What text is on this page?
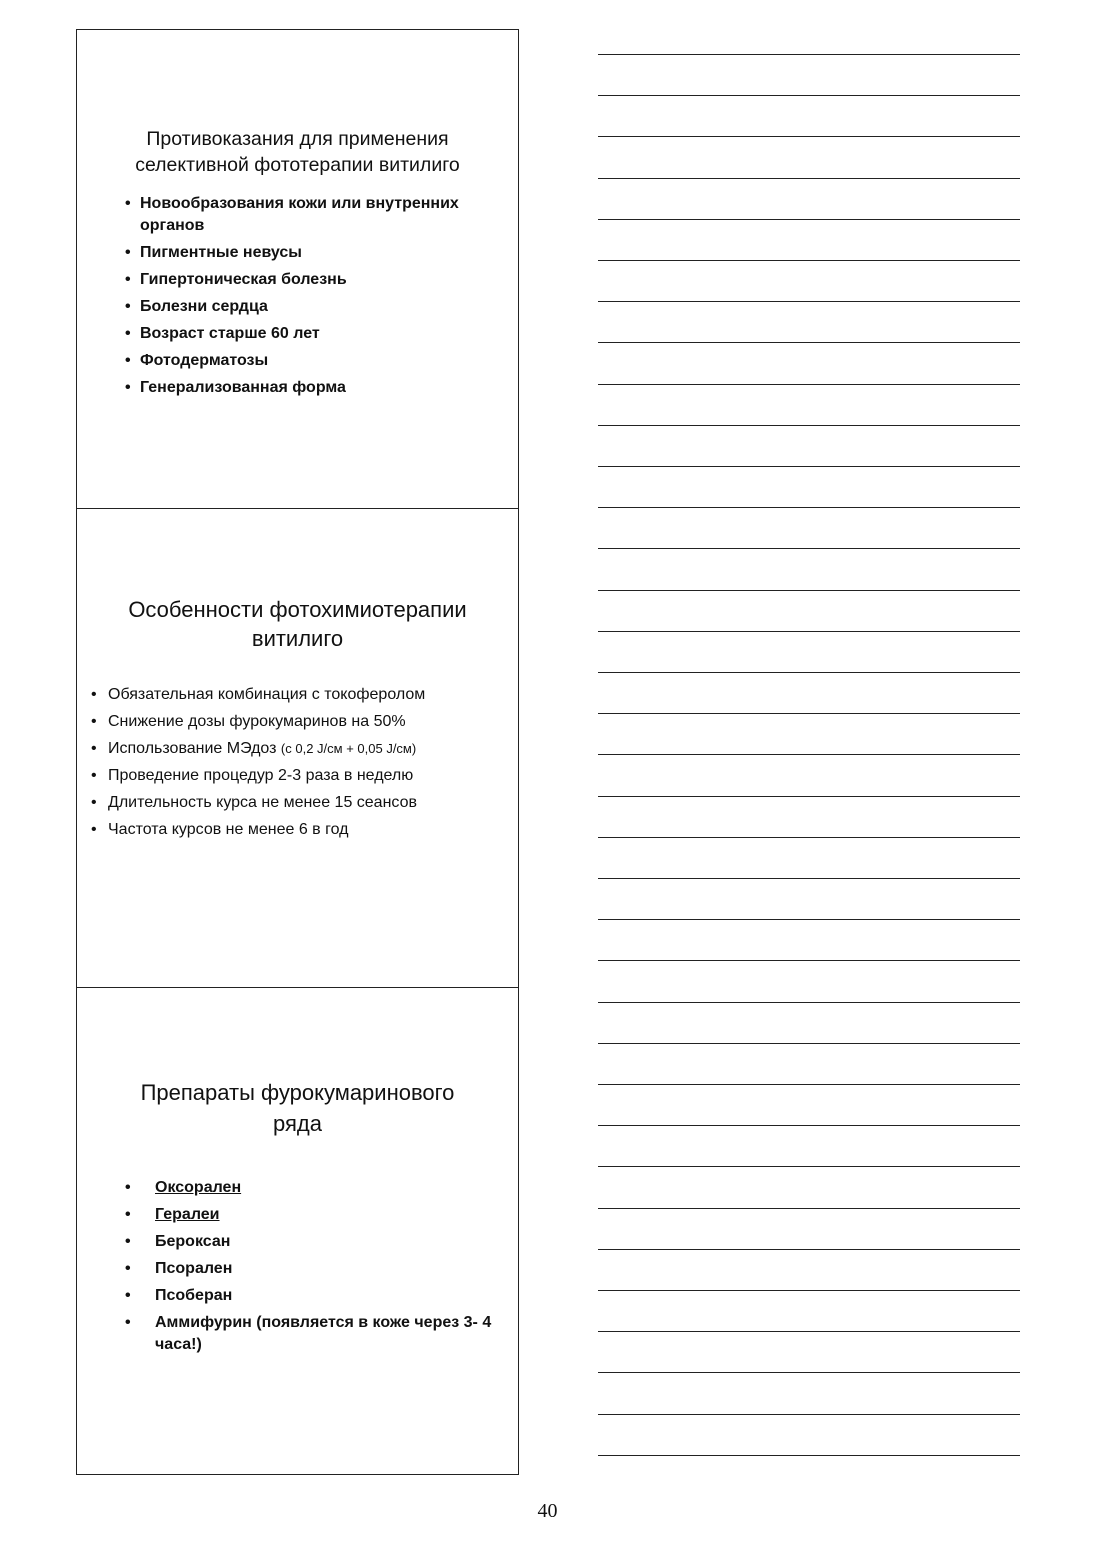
Противоказания для применения
селективной фототерапии витилиго
• Новообразования кожи или внутренних органов
• Пигментные невусы
• Гипертоническая болезнь
• Болезни сердца
• Возраст старше 60 лет
• Фотодерматозы
• Генерализованная форма
Особенности фотохимиотерапии
витилиго
• Обязательная комбинация с токоферолом
• Снижение дозы фурокумаринов на 50%
• Использование МЭдоз (с 0,2 J/см + 0,05 J/см)
• Проведение процедур 2-3 раза в неделю
• Длительность курса не менее 15 сеансов
• Частота курсов не менее 6 в год
Препараты фурокумаринового
ряда
• Оксорален
• Гералеи
• Бероксан
• Псорален
• Псоберан
• Аммифурин (появляется в коже через 3- 4 часа!)
40
